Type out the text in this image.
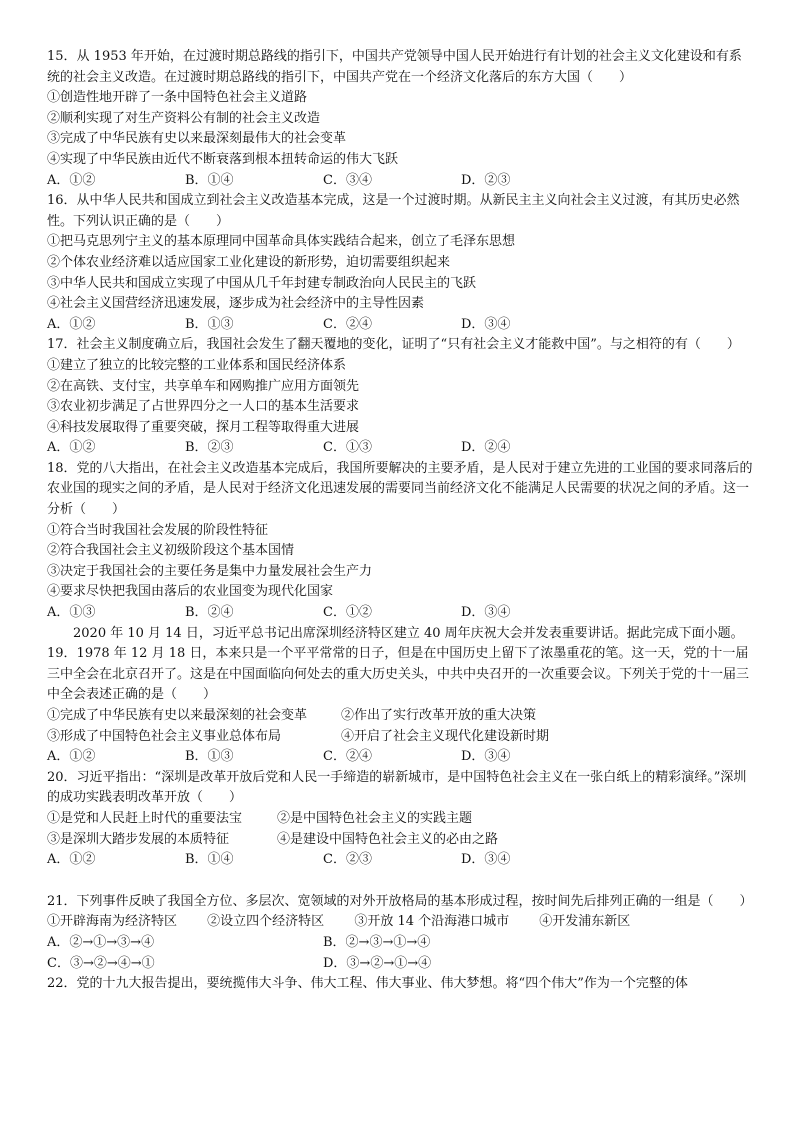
15．从 1953 年开始，在过渡时期总路线的指引下，中国共产党领导中国人民开始进行有计划的社会主义文化建设和有系统的社会主义改造。在过渡时期总路线的指引下，中国共产党在一个经济文化落后的东方大国（　　）

①创造性地开辟了一条中国特色社会主义道路

②顺利实现了对生产资料公有制的社会主义改造

③完成了中华民族有史以来最深刻最伟大的社会变革

④实现了中华民族由近代不断衰落到根本扭转命运的伟大飞跃

A．①②	B．①④	C．③④	D．②③

16．从中华人民共和国成立到社会主义改造基本完成，这是一个过渡时期。从新民主主义向社会主义过渡，有其历史必然性。下列认识正确的是（　　）

①把马克思列宁主义的基本原理同中国革命具体实践结合起来，创立了毛泽东思想

②个体农业经济难以适应国家工业化建设的新形势，迫切需要组织起来

③中华人民共和国成立实现了中国从几千年封建专制政治向人民民主的飞跃

④社会主义国营经济迅速发展，逐步成为社会经济中的主导性因素

A．①②	B．①③	C．②④	D．③④

17．社会主义制度确立后，我国社会发生了翻天覆地的变化，证明了“只有社会主义才能救中国”。与之相符的有（　　）

①建立了独立的比较完整的工业体系和国民经济体系

②在高铁、支付宝，共享单车和网购推广应用方面领先

③农业初步满足了占世界四分之一人口的基本生活要求

④科技发展取得了重要突破，探月工程等取得重大进展

A．①②	B．②③	C．①③	D．②④

18．党的八大指出，在社会主义改造基本完成后，我国所要解决的主要矛盾，是人民对于建立先进的工业国的要求同落后的农业国的现实之间的矛盾，是人民对于经济文化迅速发展的需要同当前经济文化不能满足人民需要的状况之间的矛盾。这一分析（　　）

①符合当时我国社会发展的阶段性特征

②符合我国社会主义初级阶段这个基本国情

③决定于我国社会的主要任务是集中力量发展社会生产力

④要求尽快把我国由落后的农业国变为现代化国家

A．①③	B．②④	C．①②	D．③④

2020 年 10 月 14 日，习近平总书记出席深圳经济特区建立 40 周年庆祝大会并发表重要讲话。据此完成下面小题。

19．1978 年 12 月 18 日，本来只是一个平平常常的日子，但是在中国历史上留下了浓墨重花的笔。这一天，党的十一届三中全会在北京召开了。这是在中国面临向何处去的重大历史关头，中共中央召开的一次重要会议。下列关于党的十一届三中全会表述正确的是（　　）

①完成了中华民族有史以来最深刻的社会变革	②作出了实行改革开放的重大决策
③形成了中国特色社会主义事业总体布局	④开启了社会主义现代化建设新时期
A．①②	B．①③	C．②④	D．③④

20．习近平指出：“深圳是改革开放后党和人民一手缔造的崭新城市，是中国特色社会主义在一张白纸上的精彩演绎。”深圳的成功实践表明改革开放（　　）

①是党和人民赶上时代的重要法宝	②是中国特色社会主义的实践主题
③是深圳大踏步发展的本质特征	④是建设中国特色社会主义的必由之路
A．①②	B．①④	C．②③	D．③④

21．下列事件反映了我国全方位、多层次、宽领域的对外开放格局的基本形成过程，按时间先后排列正确的一组是（　　）

①开辟海南为经济特区 ②设立四个经济特区 ③开放 14 个沿海港口城市 ④开发浦东新区

A．②→①→③→④	B．②→③→①→④
C．③→②→④→①	D．③→②→①→④

22．党的十九大报告提出，要统揽伟大斗争、伟大工程、伟大事业、伟大梦想。将“四个伟大”作为一个完整的体
